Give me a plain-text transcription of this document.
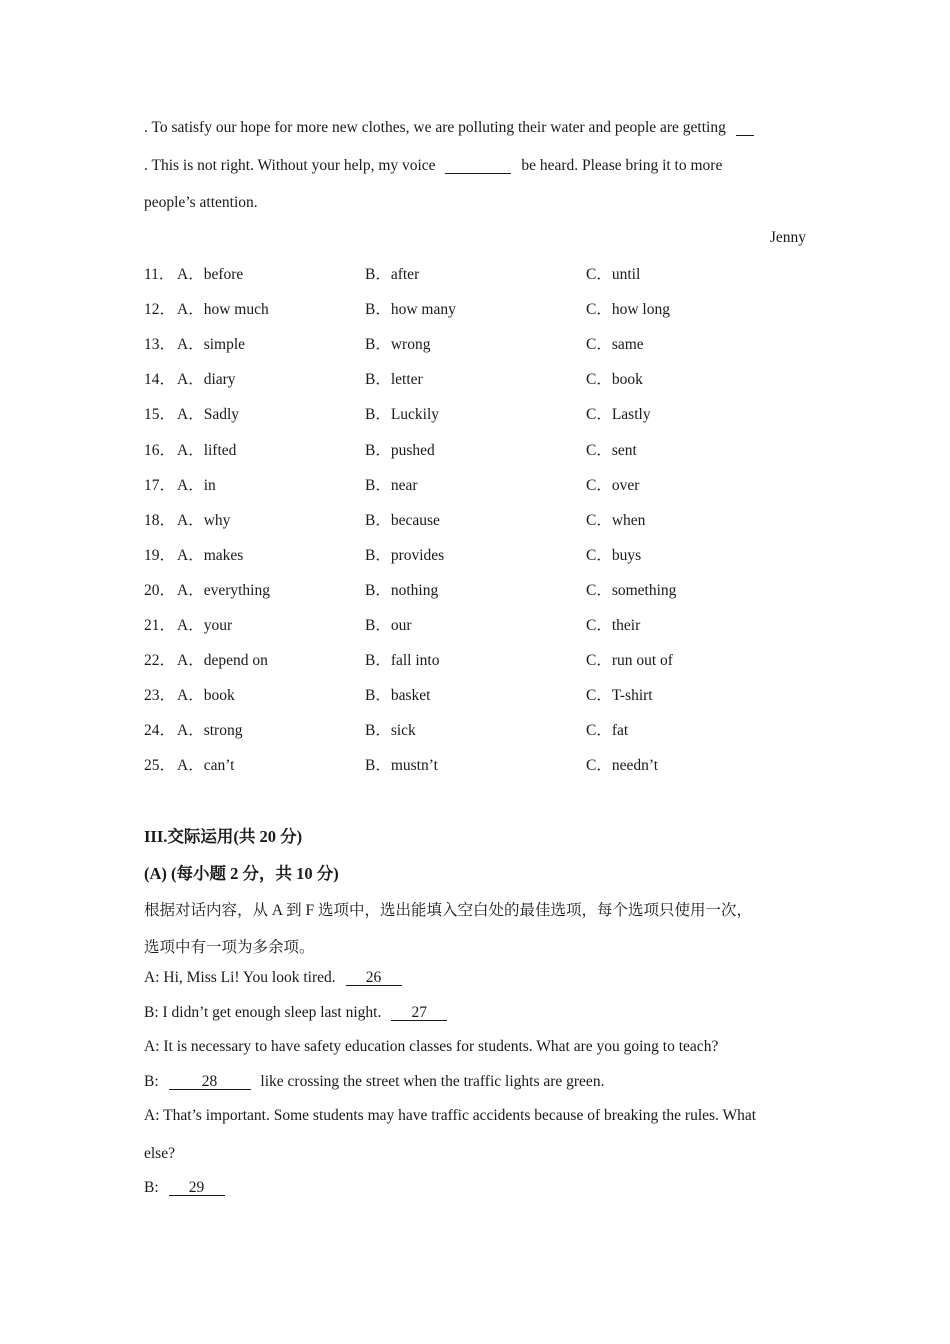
. To satisfy our hope for more new clothes, we are polluting their water and people are getting
. This is not right. Without your help, my voice	be heard. Please bring it to more
people’s attention.
Jenny
11． A．before	B．after	C．until
12． A．how much	B．how many	C．how long
13． A．simple	B．wrong	C．same
14． A．diary	B．letter	C．book
15． A．Sadly	B．Luckily	C．Lastly
16． A．lifted	B．pushed	C．sent
17． A．in	B．near	C．over
18． A．why	B．because	C．when
19． A．makes	B．provides	C．buys
20． A．everything	B．nothing	C．something
21． A．your	B．our	C．their
22． A．depend on	B．fall into	C．run out of
23． A．book	B．basket	C．T-shirt
24． A．strong	B．sick	C．fat
25． A．can’t	B．mustn’t	C．needn’t
III.交际运用(共 20 分)
(A) (每小题 2 分，共 10 分)
根据对话内容，从 A 到 F 选项中，选出能填入空白处的最佳选项，每个选项只使用一次，
选项中有一项为多余项。
A: Hi, Miss Li! You look tired. 26
B: I didn’t get enough sleep last night. 27
A: It is necessary to have safety education classes for students. What are you going to teach?
B:	28	like crossing the street when the traffic lights are green.
A: That’s important. Some students may have traffic accidents because of breaking the rules. What
else?
B: 29
